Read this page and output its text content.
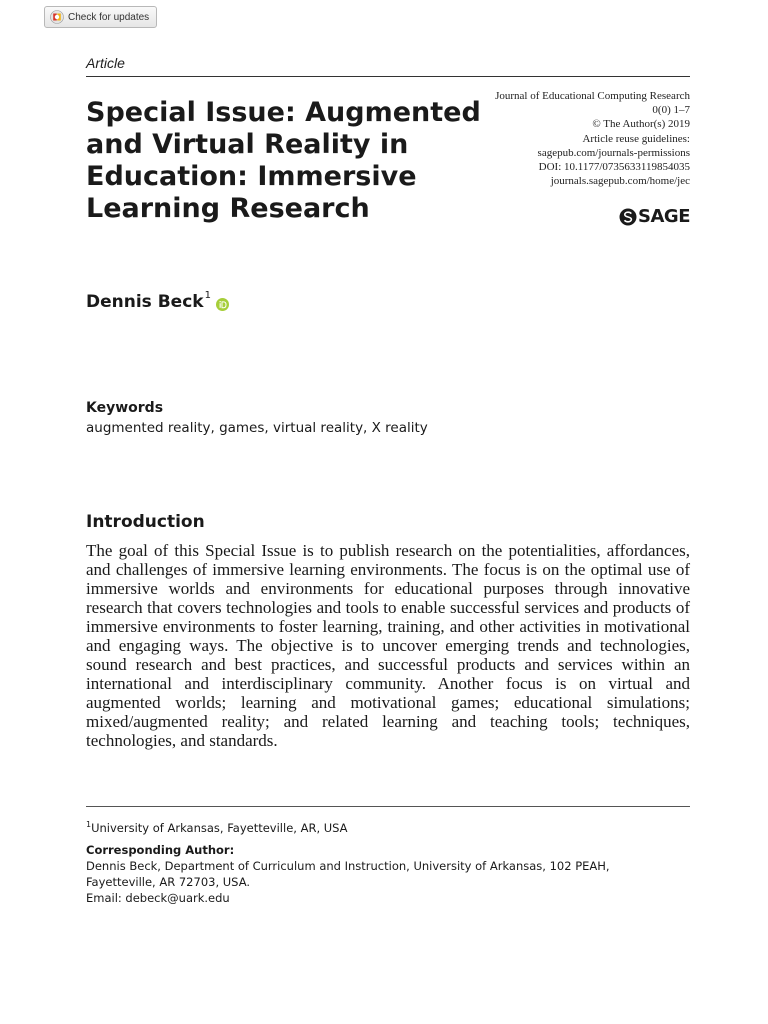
Check for updates
Article
Special Issue: Augmented and Virtual Reality in Education: Immersive Learning Research
Journal of Educational Computing Research
0(0) 1–7
© The Author(s) 2019
Article reuse guidelines:
sagepub.com/journals-permissions
DOI: 10.1177/0735633119854035
journals.sagepub.com/home/jec
SAGE
Dennis Beck$^1$
Keywords
augmented reality, games, virtual reality, X reality
Introduction

The goal of this Special Issue is to publish research on the potentialities, affordances, and challenges of immersive learning environments. The focus is on the optimal use of immersive worlds and environments for educational purposes through innovative research that covers technologies and tools to enable successful services and products of immersive environments to foster learning, training, and other activities in motivational and engaging ways. The objective is to uncover emerging trends and technologies, sound research and best practices, and successful products and services within an international and interdisciplinary community. Another focus is on virtual and augmented worlds; learning and motivational games; educational simulations; mixed/augmented reality; and related learning and teaching tools; techniques, technologies, and standards.

$^1$University of Arkansas, Fayetteville, AR, USA
Corresponding Author:
Dennis Beck, Department of Curriculum and Instruction, University of Arkansas, 102 PEAH,
Fayetteville, AR 72703, USA.
Email: debeck@uark.edu
